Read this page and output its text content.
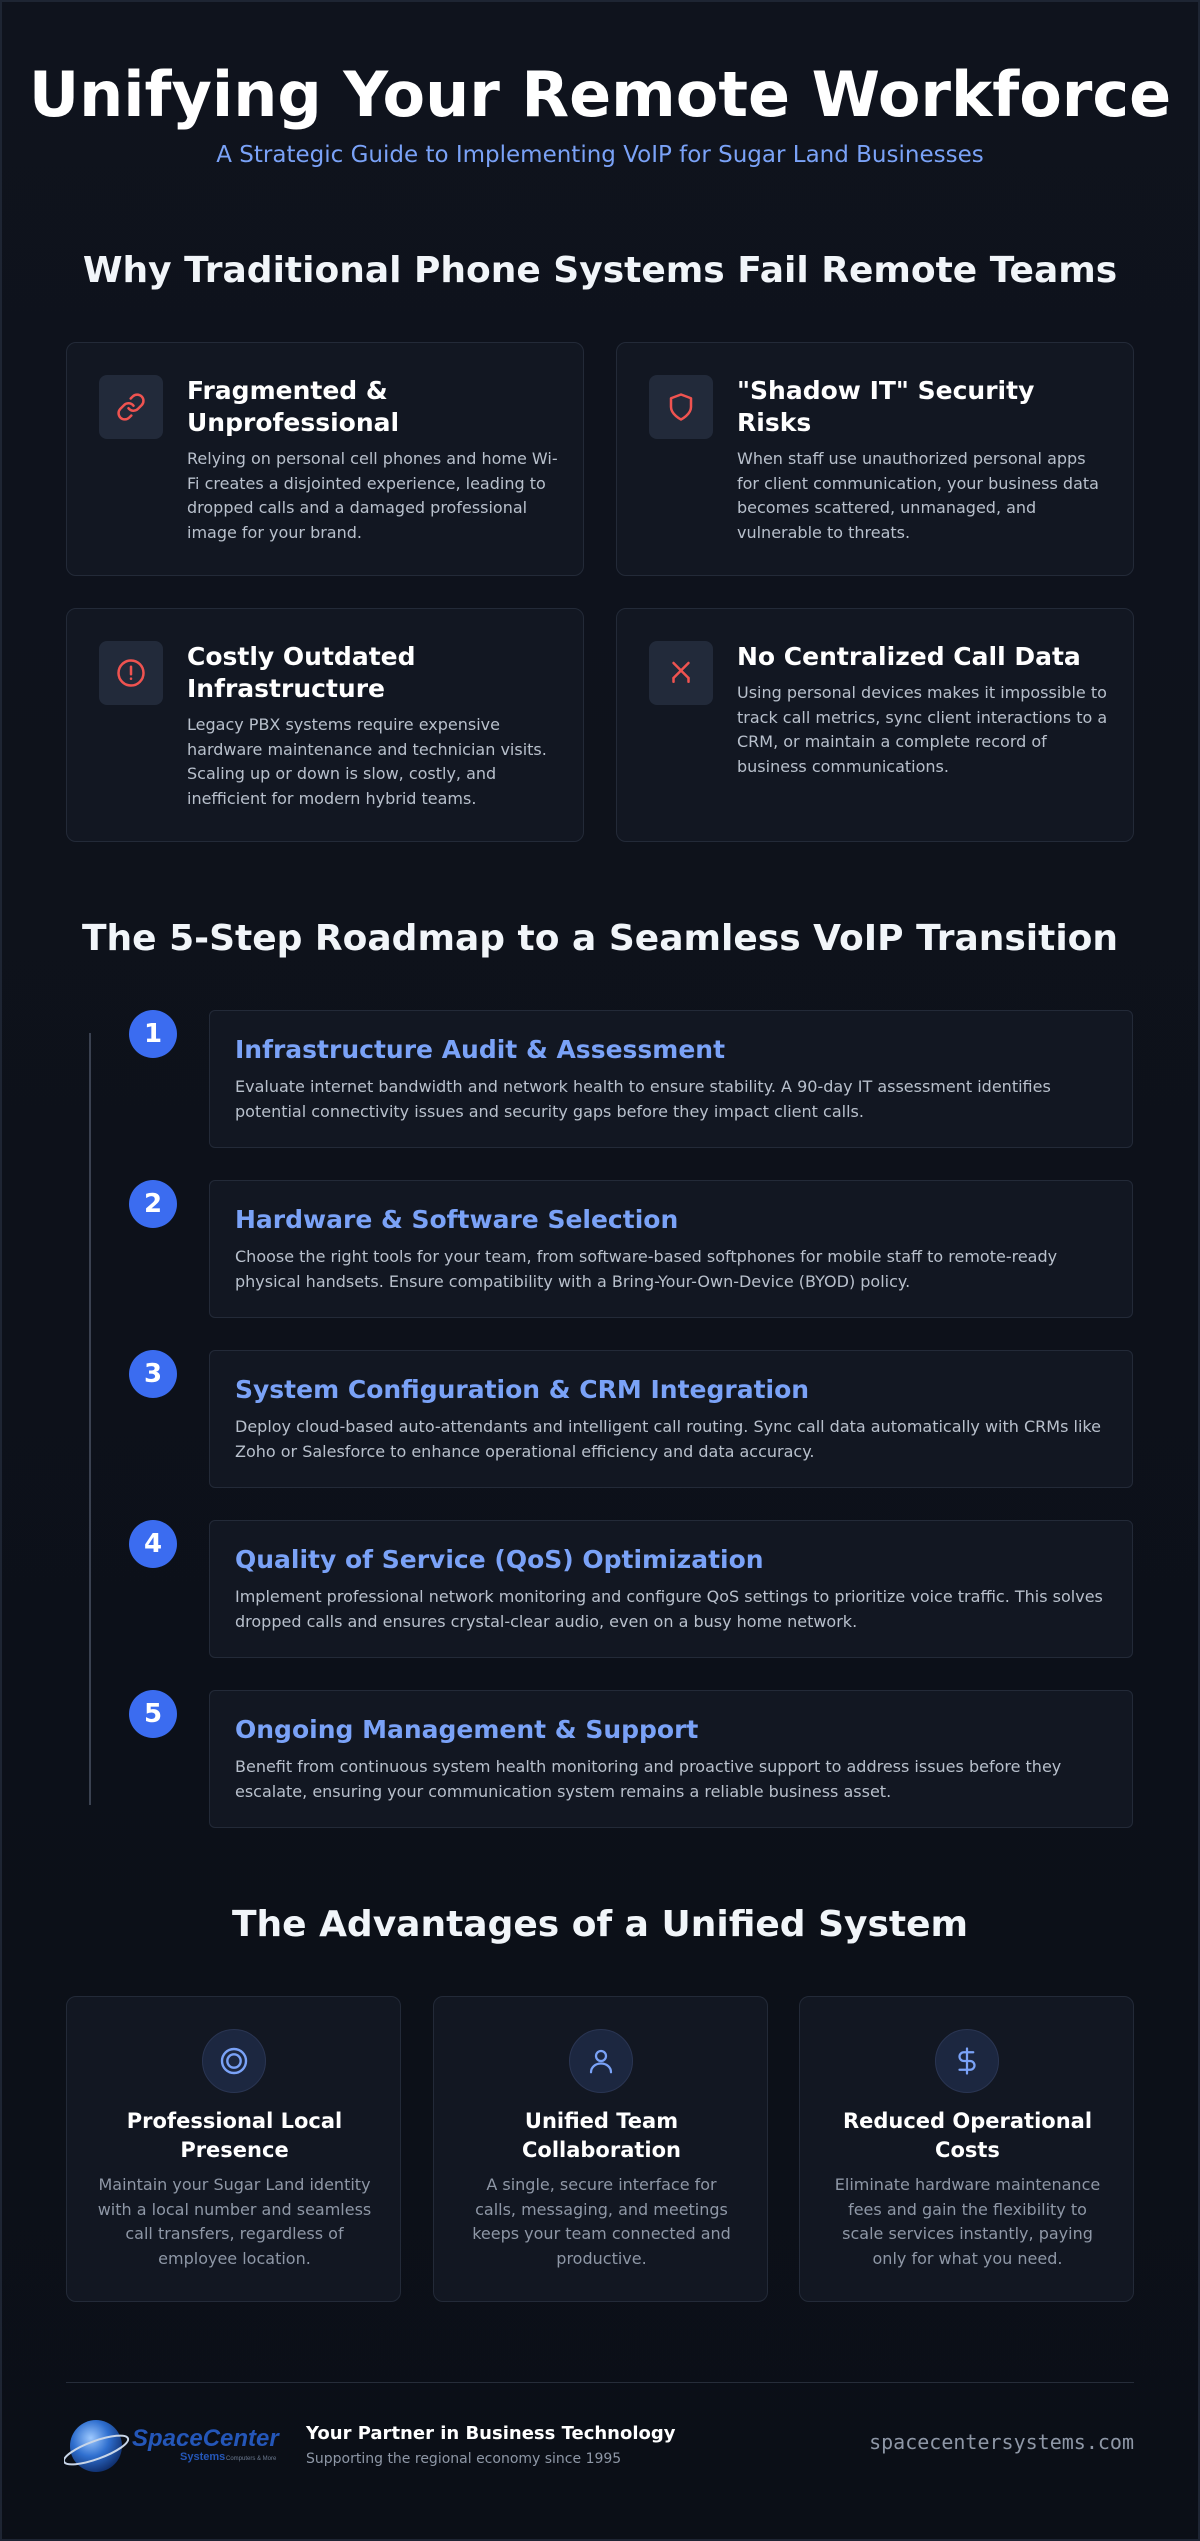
Unifying Your Remote Workforce
A Strategic Guide to Implementing VoIP for Sugar Land Businesses
Why Traditional Phone Systems Fail Remote Teams
Fragmented & Unprofessional
Relying on personal cell phones and home Wi-Fi creates a disjointed experience, leading to dropped calls and a damaged professional image for your brand.
"Shadow IT" Security Risks
When staff use unauthorized personal apps for client communication, your business data becomes scattered, unmanaged, and vulnerable to threats.
Costly Outdated Infrastructure
Legacy PBX systems require expensive hardware maintenance and technician visits. Scaling up or down is slow, costly, and inefficient for modern hybrid teams.
No Centralized Call Data
Using personal devices makes it impossible to track call metrics, sync client interactions to a CRM, or maintain a complete record of business communications.
The 5-Step Roadmap to a Seamless VoIP Transition
1
Infrastructure Audit & Assessment
Evaluate internet bandwidth and network health to ensure stability. A 90-day IT assessment identifies potential connectivity issues and security gaps before they impact client calls.
2
Hardware & Software Selection
Choose the right tools for your team, from software-based softphones for mobile staff to remote-ready physical handsets. Ensure compatibility with a Bring-Your-Own-Device (BYOD) policy.
3
System Configuration & CRM Integration
Deploy cloud-based auto-attendants and intelligent call routing. Sync call data automatically with CRMs like Zoho or Salesforce to enhance operational efficiency and data accuracy.
4
Quality of Service (QoS) Optimization
Implement professional network monitoring and configure QoS settings to prioritize voice traffic. This solves dropped calls and ensures crystal-clear audio, even on a busy home network.
5
Ongoing Management & Support
Benefit from continuous system health monitoring and proactive support to address issues before they escalate, ensuring your communication system remains a reliable business asset.
The Advantages of a Unified System
Professional Local Presence
Maintain your Sugar Land identity with a local number and seamless call transfers, regardless of employee location.
Unified Team Collaboration
A single, secure interface for calls, messaging, and meetings keeps your team connected and productive.
Reduced Operational Costs
Eliminate hardware maintenance fees and gain the flexibility to scale services instantly, paying only for what you need.
SpaceCenter
Systems Computers & More
Your Partner in Business Technology
Supporting the regional economy since 1995
spacecentersystems.com
